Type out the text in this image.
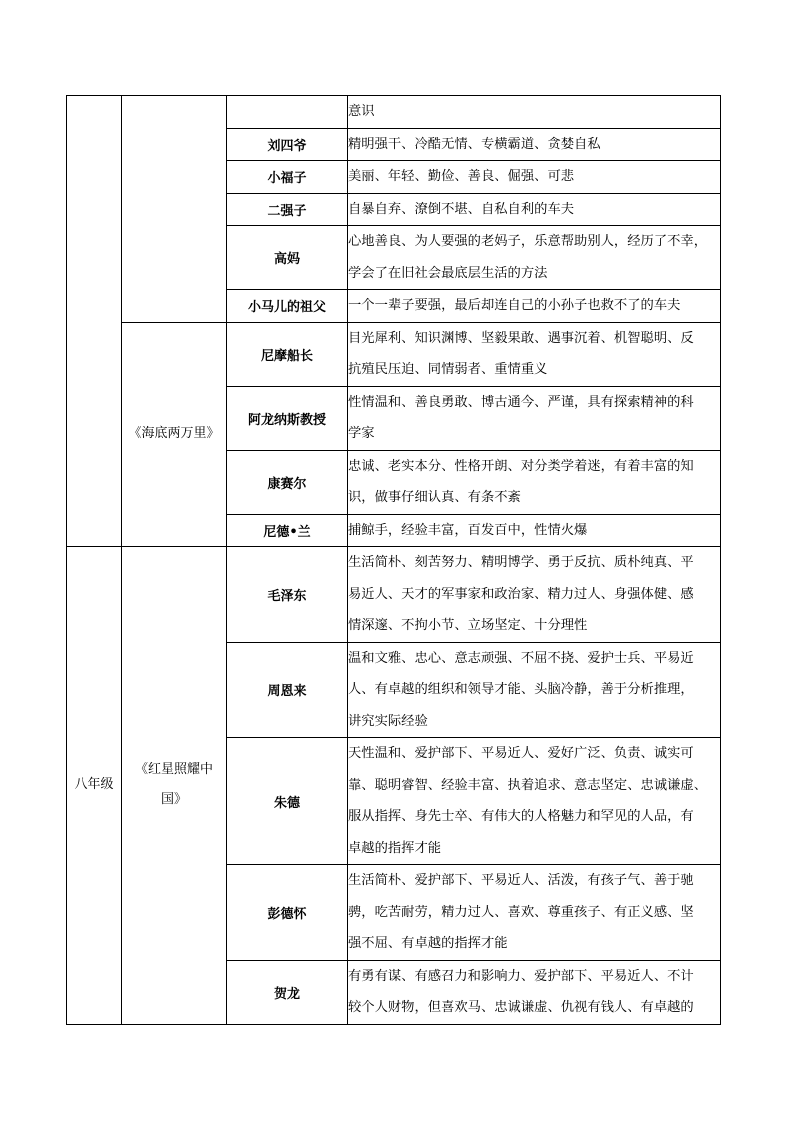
			意识
		刘四爷	精明强干、冷酷无情、专横霸道、贪婪自私
		小福子	美丽、年轻、勤俭、善良、倔强、可悲
		二强子	自暴自弃、潦倒不堪、自私自利的车夫
		高妈	心地善良、为人要强的老妈子，乐意帮助别人，经历了不幸，
学会了在旧社会最底层生活的方法
		小马儿的祖父	一个一辈子要强，最后却连自己的小孙子也救不了的车夫
	《海底两万里》	尼摩船长	目光犀利、知识渊博、坚毅果敢、遇事沉着、机智聪明、反
抗殖民压迫、同情弱者、重情重义
		阿龙纳斯教授	性情温和、善良勇敢、博古通今、严谨，具有探索精神的科
学家
		康赛尔	忠诚、老实本分、性格开朗、对分类学着迷，有着丰富的知
识，做事仔细认真、有条不紊
		尼德•兰	捕鲸手，经验丰富，百发百中，性情火爆
八年级	《红星照耀中国》	毛泽东	生活简朴、刻苦努力、精明博学、勇于反抗、质朴纯真、平
易近人、天才的军事家和政治家、精力过人、身强体健、感
情深邃、不拘小节、立场坚定、十分理性
		周恩来	温和文雅、忠心、意志顽强、不屈不挠、爱护士兵、平易近
人、有卓越的组织和领导才能、头脑冷静，善于分析推理，
讲究实际经验
		朱德	天性温和、爱护部下、平易近人、爱好广泛、负责、诚实可
靠、聪明睿智、经验丰富、执着追求、意志坚定、忠诚谦虚、
服从指挥、身先士卒、有伟大的人格魅力和罕见的人品，有
卓越的指挥才能
		彭德怀	生活简朴、爱护部下、平易近人、活泼，有孩子气、善于驰
骋，吃苦耐劳，精力过人、喜欢、尊重孩子、有正义感、坚
强不屈、有卓越的指挥才能
		贺龙	有勇有谋、有感召力和影响力、爱护部下、平易近人、不计
较个人财物，但喜欢马、忠诚谦虚、仇视有钱人、有卓越的
